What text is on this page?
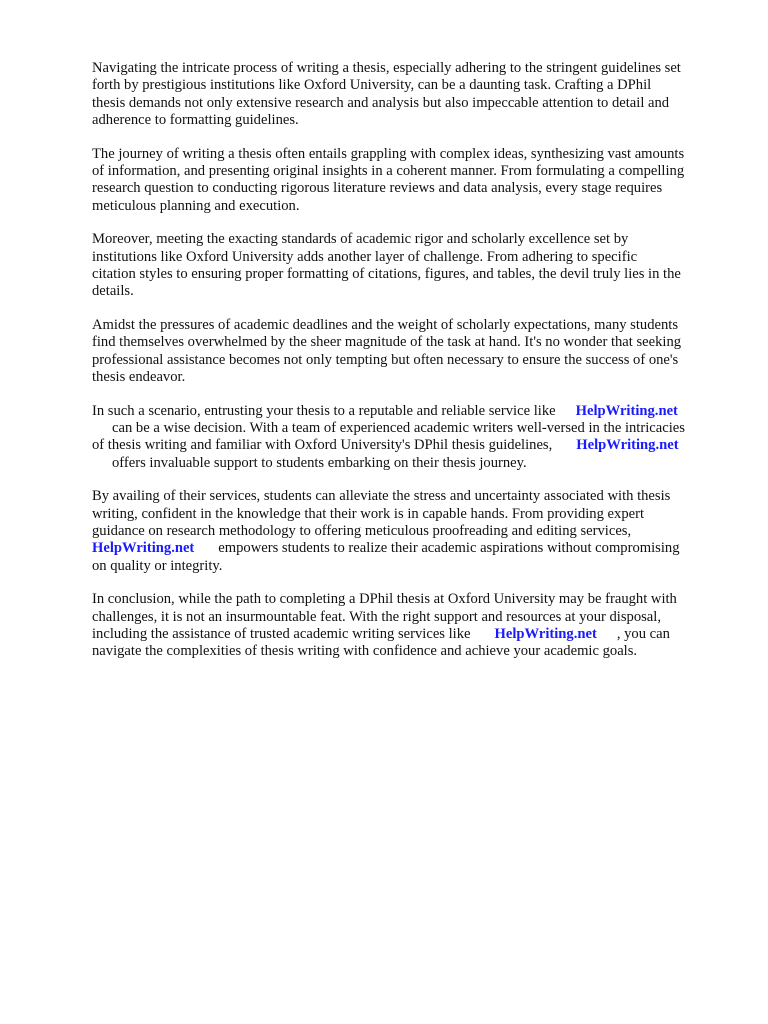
Navigating the intricate process of writing a thesis, especially adhering to the stringent guidelines set
forth by prestigious institutions like Oxford University, can be a daunting task. Crafting a DPhil
thesis demands not only extensive research and analysis but also impeccable attention to detail and
adherence to formatting guidelines.

The journey of writing a thesis often entails grappling with complex ideas, synthesizing vast amounts
of information, and presenting original insights in a coherent manner. From formulating a compelling
research question to conducting rigorous literature reviews and data analysis, every stage requires
meticulous planning and execution.

Moreover, meeting the exacting standards of academic rigor and scholarly excellence set by
institutions like Oxford University adds another layer of challenge. From adhering to specific
citation styles to ensuring proper formatting of citations, figures, and tables, the devil truly lies in the
details.

Amidst the pressures of academic deadlines and the weight of scholarly expectations, many students
find themselves overwhelmed by the sheer magnitude of the task at hand. It's no wonder that seeking
professional assistance becomes not only tempting but often necessary to ensure the success of one's
thesis endeavor.

In such a scenario, entrusting your thesis to a reputable and reliable service like HelpWriting.net
can be a wise decision. With a team of experienced academic writers well-versed in the intricacies
of thesis writing and familiar with Oxford University's DPhil thesis guidelines, HelpWriting.net
offers invaluable support to students embarking on their thesis journey.

By availing of their services, students can alleviate the stress and uncertainty associated with thesis
writing, confident in the knowledge that their work is in capable hands. From providing expert
guidance on research methodology to offering meticulous proofreading and editing services,
HelpWriting.net empowers students to realize their academic aspirations without compromising
on quality or integrity.

In conclusion, while the path to completing a DPhil thesis at Oxford University may be fraught with
challenges, it is not an insurmountable feat. With the right support and resources at your disposal,
including the assistance of trusted academic writing services like HelpWriting.net , you can
navigate the complexities of thesis writing with confidence and achieve your academic goals.
